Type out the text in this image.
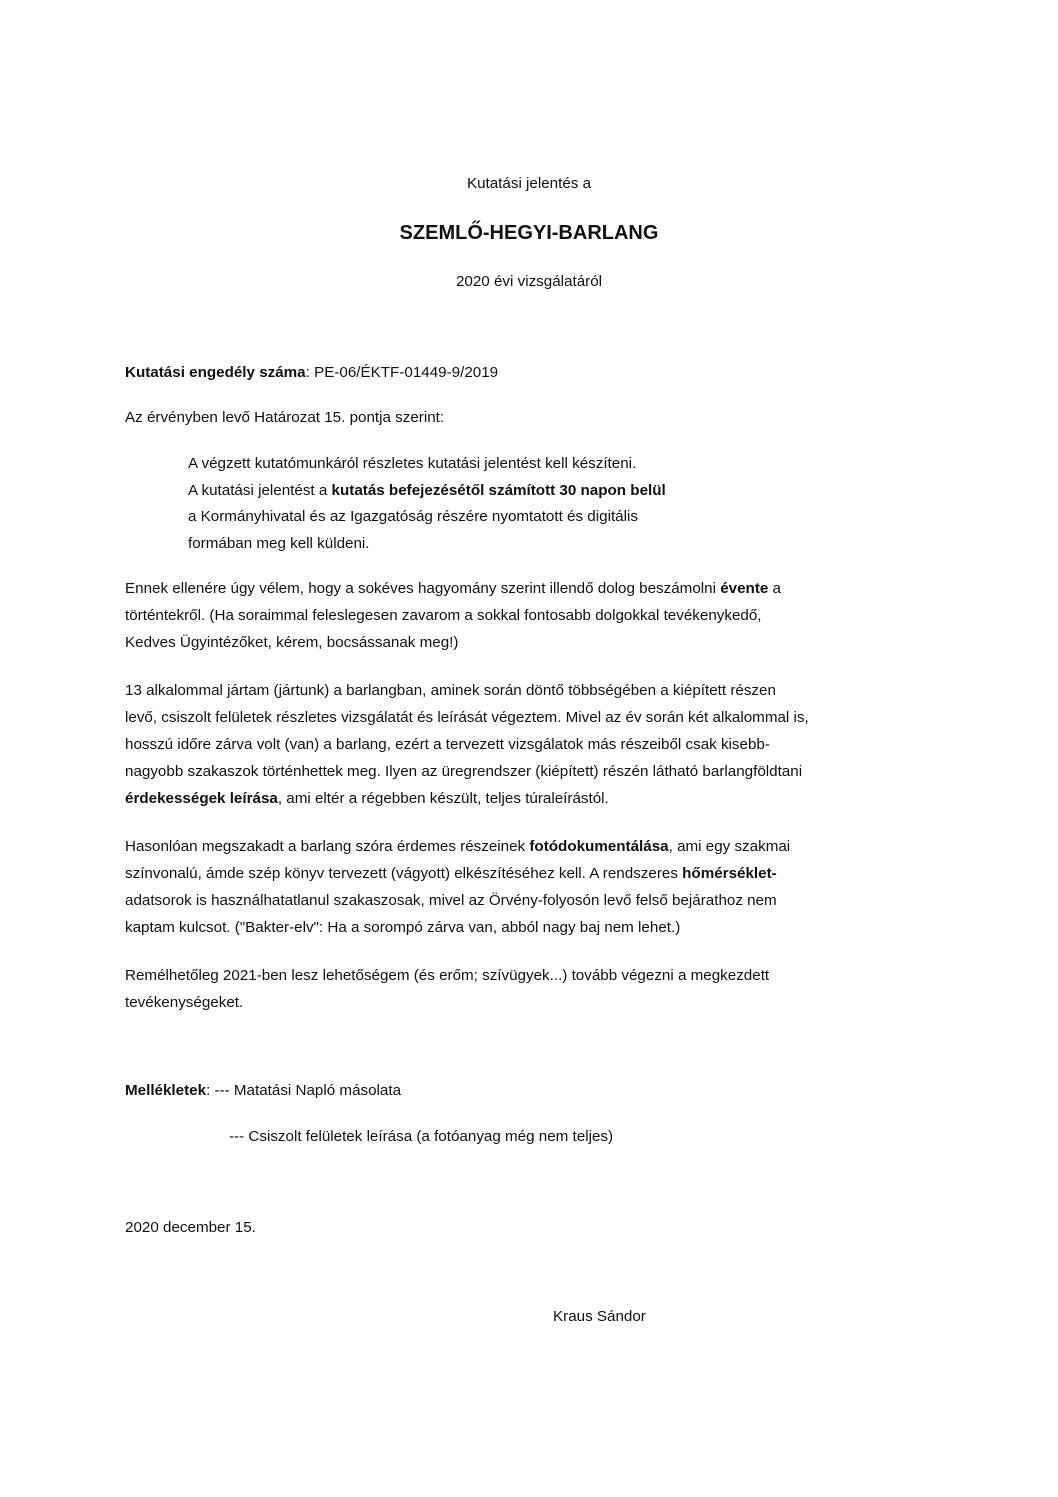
Kutatási jelentés a
SZEMLŐ-HEGYI-BARLANG
2020 évi vizsgálatáról
Kutatási engedély száma: PE-06/ÉKTF-01449-9/2019
Az érvényben levő Határozat 15. pontja szerint:
A végzett kutatómunkáról részletes kutatási jelentést kell készíteni.
A kutatási jelentést a kutatás befejezésétől számított 30 napon belül
a Kormányhivatal és az Igazgatóság részére nyomtatott és digitális
formában meg kell küldeni.
Ennek ellenére úgy vélem, hogy a sokéves hagyomány szerint illendő dolog beszámolni évente a
történtekről. (Ha soraimmal feleslegesen zavarom a sokkal fontosabb dolgokkal tevékenykedő,
Kedves Ügyintézőket, kérem, bocsássanak meg!)
13 alkalommal jártam (jártunk) a barlangban, aminek során döntő többségében a kiépített részen
levő, csiszolt felületek részletes vizsgálatát és leírását végeztem. Mivel az év során két alkalommal is,
hosszú időre zárva volt (van) a barlang, ezért a tervezett vizsgálatok más részeiből csak kisebb-
nagyobb szakaszok történhettek meg. Ilyen az üregrendszer (kiépített) részén látható barlangföldtani
érdekességek leírása, ami eltér a régebben készült, teljes túraleírástól.
Hasonlóan megszakadt a barlang szóra érdemes részeinek fotódokumentálása, ami egy szakmai
színvonalú, ámde szép könyv tervezett (vágyott) elkészítéséhez kell. A rendszeres hőmérséklet-
adatsorok is használhatatlanul szakaszosak, mivel az Örvény-folyosón levő felső bejárathoz nem
kaptam kulcsot. ("Bakter-elv": Ha a sorompó zárva van, abból nagy baj nem lehet.)
Remélhetőleg 2021-ben lesz lehetőségem (és erőm; szívügyek...) tovább végezni a megkezdett
tevékenységeket.
Mellékletek: --- Matatási Napló másolata
--- Csiszolt felületek leírása (a fotóanyag még nem teljes)
2020 december 15.
Kraus Sándor
